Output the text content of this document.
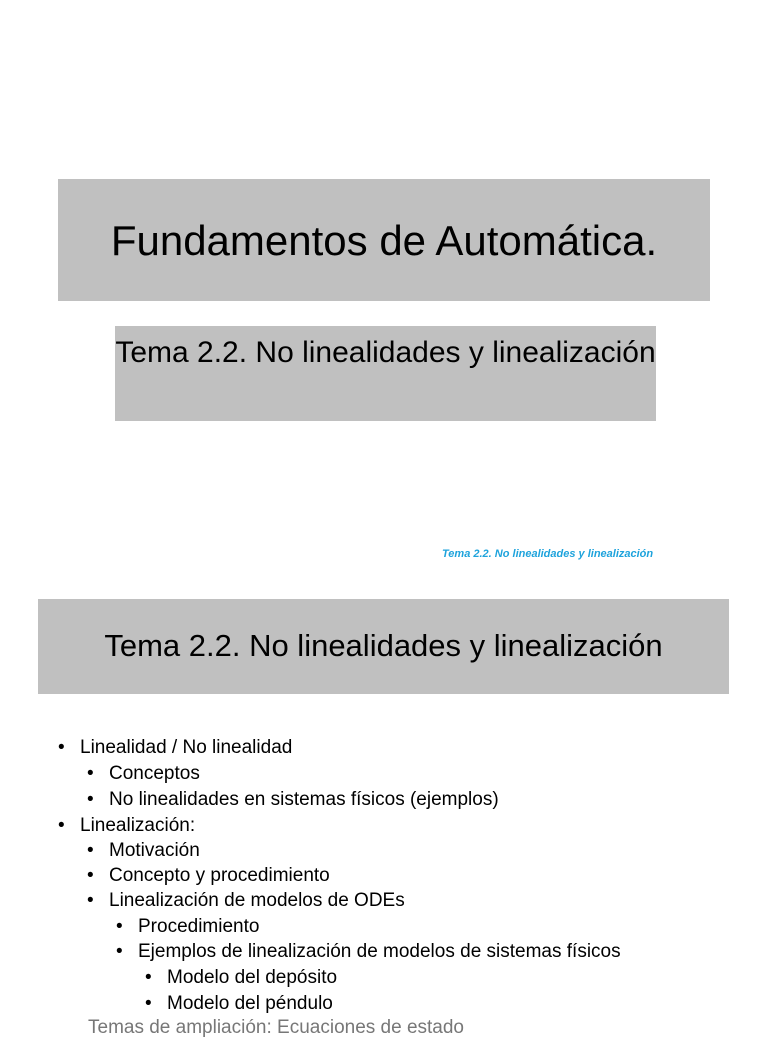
Fundamentos de Automática.
Tema 2.2. No linealidades y linealización
Tema 2.2. No linealidades y linealización
Tema 2.2. No linealidades y linealización
• Linealidad / No linealidad
• Conceptos
• No linealidades en sistemas físicos (ejemplos)
• Linealización:
• Motivación
• Concepto y procedimiento
• Linealización de modelos de ODEs
• Procedimiento
• Ejemplos de linealización de modelos de sistemas físicos
• Modelo del depósito
• Modelo del péndulo
Temas de ampliación: Ecuaciones de estado
